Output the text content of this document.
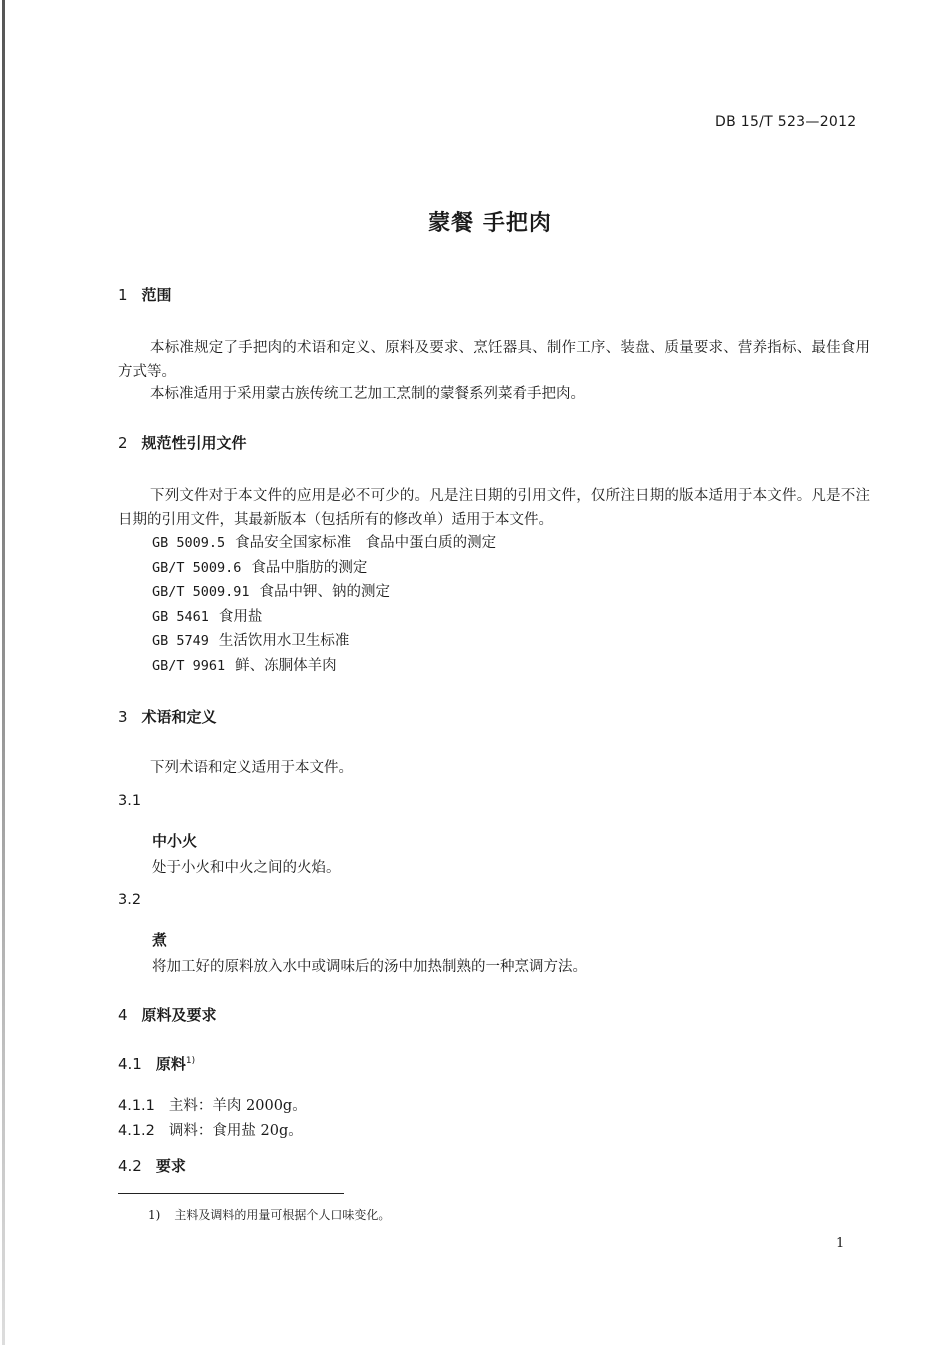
DB 15/T 523—2012
蒙餐 手把肉
1 范围
本标准规定了手把肉的术语和定义、原料及要求、烹饪器具、制作工序、装盘、质量要求、营养指标、最佳食用方式等。
本标准适用于采用蒙古族传统工艺加工烹制的蒙餐系列菜肴手把肉。
2 规范性引用文件
下列文件对于本文件的应用是必不可少的。凡是注日期的引用文件，仅所注日期的版本适用于本文件。凡是不注日期的引用文件，其最新版本（包括所有的修改单）适用于本文件。
GB 5009.5 食品安全国家标准　食品中蛋白质的测定
GB/T 5009.6 食品中脂肪的测定
GB/T 5009.91 食品中钾、钠的测定
GB 5461 食用盐
GB 5749 生活饮用水卫生标准
GB/T 9961 鲜、冻胴体羊肉
3 术语和定义
下列术语和定义适用于本文件。
3.1
中小火
处于小火和中火之间的火焰。
3.2
煮
将加工好的原料放入水中或调味后的汤中加热制熟的一种烹调方法。
4 原料及要求
4.1 原料$^{1)}$
4.1.1 主料：羊肉 2000g。
4.1.2 调料：食用盐 20g。
4.2 要求
1) 主料及调料的用量可根据个人口味变化。
1
